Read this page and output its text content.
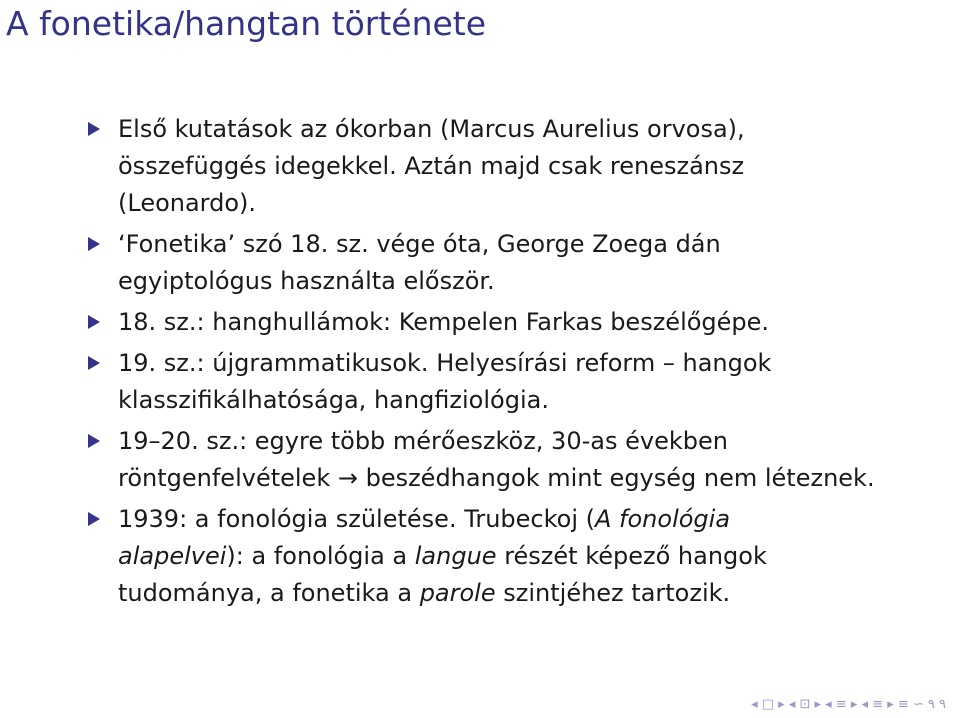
A fonetika/hangtan története
Első kutatások az ókorban (Marcus Aurelius orvosa),
összefüggés idegekkel. Aztán majd csak reneszánsz
(Leonardo).
‘Fonetika’ szó 18. sz. vége óta, George Zoega dán
egyiptológus használta először.
18. sz.: hanghullámok: Kempelen Farkas beszélőgépe.
19. sz.: újgrammatikusok. Helyesírási reform – hangok
klasszifikálhatósága, hangfiziológia.
19–20. sz.: egyre több mérőeszköz, 30-as években
röntgenfelvételek → beszédhangok mint egység nem léteznek.
1939: a fonológia születése. Trubeckoj (A fonológia
alapelvei): a fonológia a langue részét képező hangok
tudománya, a fonetika a parole szintjéhez tartozik.
◂ □ ▸ ◂ ⊡ ▸ ◂ ≡ ▸ ◂ ≡ ▸ ≡ ∽ ۹ ۹
